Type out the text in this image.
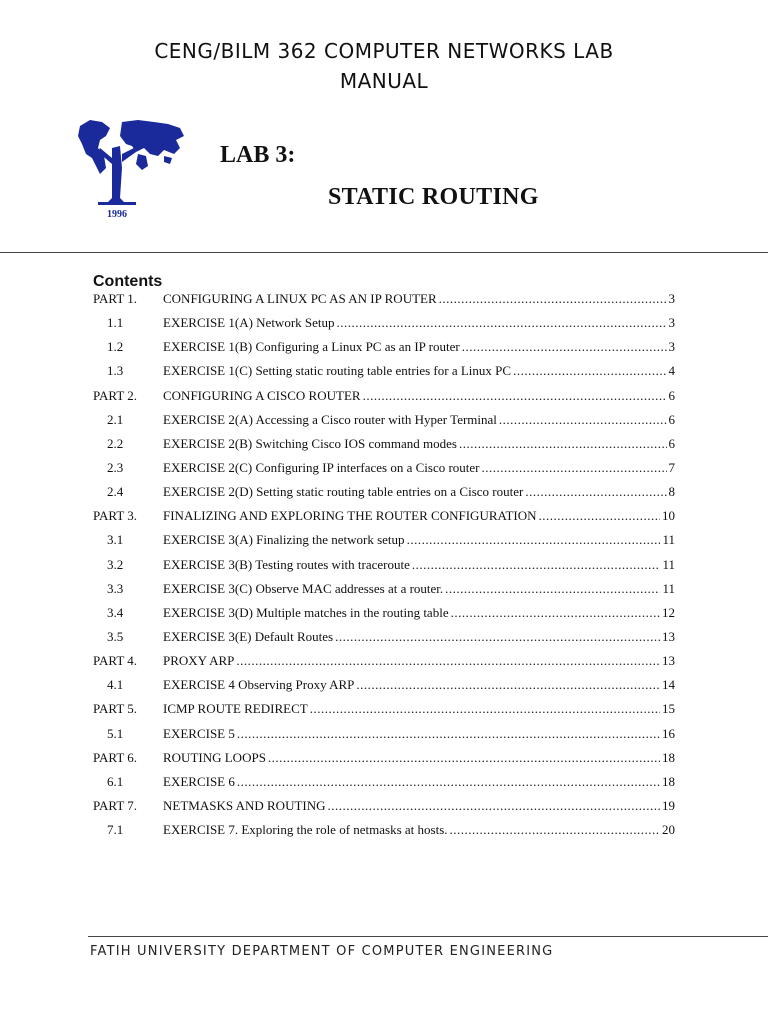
CENG/BILM 362 COMPUTER NETWORKS LAB
MANUAL
1996
LAB 3:
STATIC ROUTING
Contents
PART 1.	CONFIGURING A LINUX PC AS AN IP ROUTER .....	3
1.1	EXERCISE 1(A) Network Setup .....	3
1.2	EXERCISE 1(B) Configuring a Linux PC as an IP router .....	3
1.3	EXERCISE 1(C) Setting static routing table entries for a Linux PC .....	4
PART 2.	CONFIGURING A CISCO ROUTER .....	6
2.1	EXERCISE 2(A) Accessing a Cisco router with Hyper Terminal .....	6
2.2	EXERCISE 2(B) Switching Cisco IOS command modes .....	6
2.3	EXERCISE 2(C) Configuring IP interfaces on a Cisco router .....	7
2.4	EXERCISE 2(D) Setting static routing table entries on a Cisco router .....	8
PART 3.	FINALIZING AND EXPLORING THE ROUTER CONFIGURATION .....	10
3.1	EXERCISE 3(A) Finalizing the network setup .....	11
3.2	EXERCISE 3(B) Testing routes with traceroute .....	11
3.3	EXERCISE 3(C) Observe MAC addresses at a router. .....	11
3.4	EXERCISE 3(D) Multiple matches in the routing table .....	12
3.5	EXERCISE 3(E) Default Routes .....	13
PART 4.	PROXY ARP .....	13
4.1	EXERCISE 4 Observing Proxy ARP .....	14
PART 5.	ICMP ROUTE REDIRECT .....	15
5.1	EXERCISE 5 .....	16
PART 6.	ROUTING LOOPS .....	18
6.1	EXERCISE 6 .....	18
PART 7.	NETMASKS AND ROUTING .....	19
7.1	EXERCISE 7. Exploring the role of netmasks at hosts. .....	20
FATIH UNIVERSITY DEPARTMENT OF COMPUTER ENGINEERING
